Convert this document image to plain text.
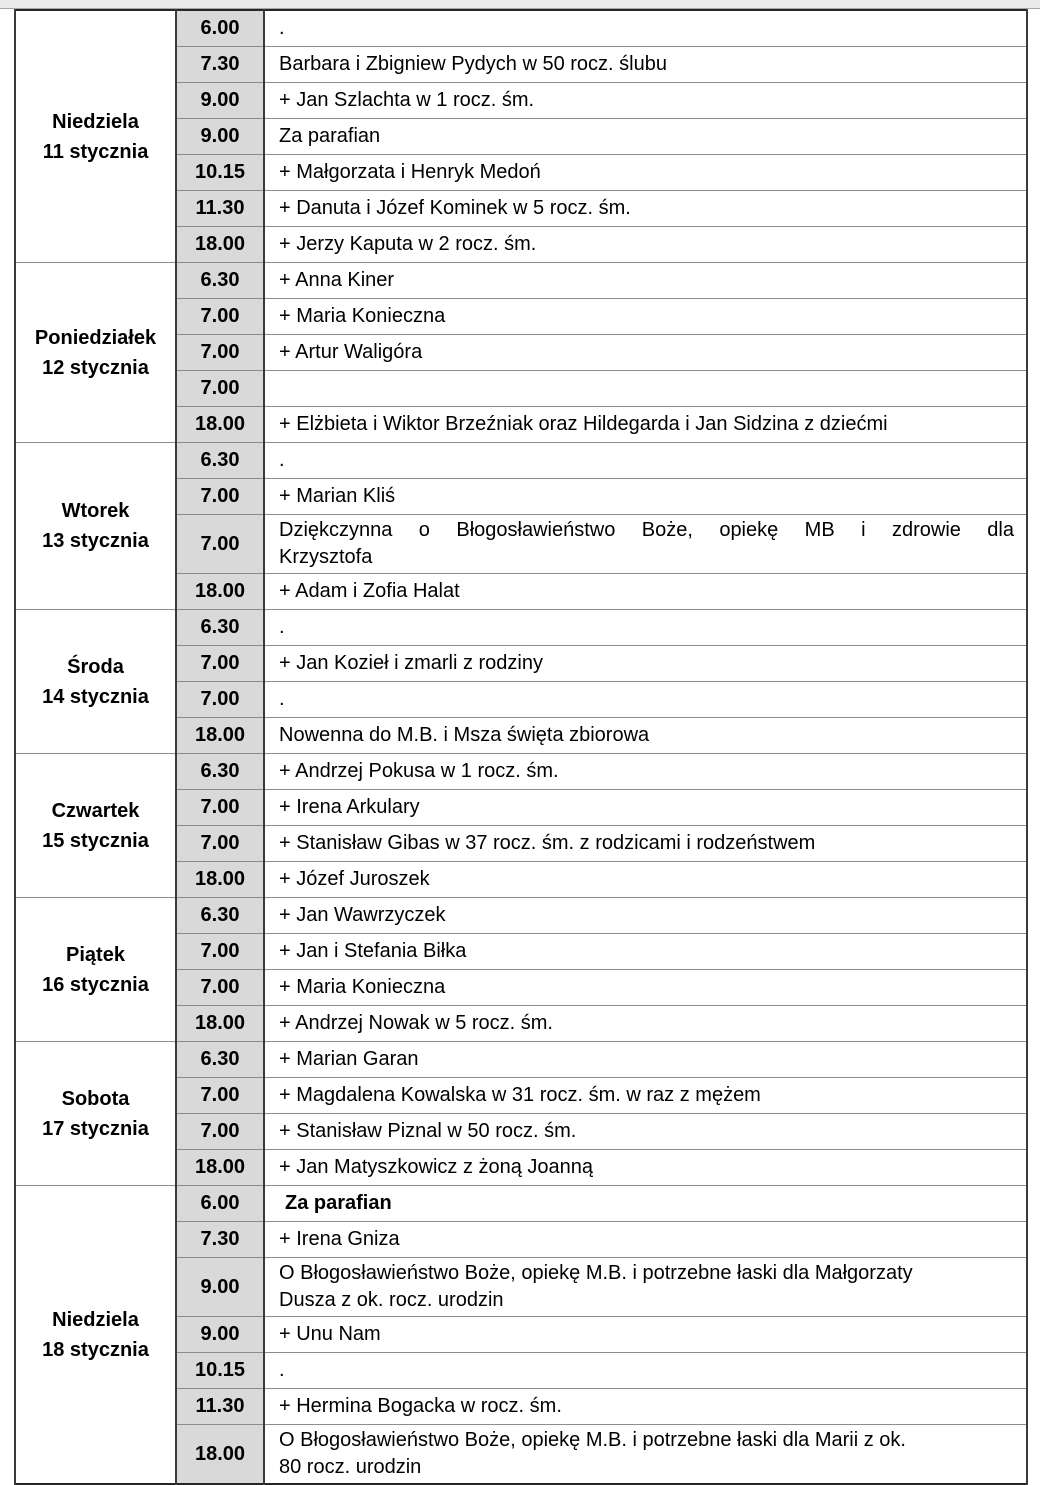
Niedziela
11 stycznia	6.00	.
	7.30	Barbara i Zbigniew Pydych w 50 rocz. ślubu
	9.00	+ Jan Szlachta w 1 rocz. śm.
	9.00	Za parafian
	10.15	+ Małgorzata i Henryk Medoń
	11.30	+ Danuta i Józef Kominek w 5 rocz. śm.
	18.00	+ Jerzy Kaputa w 2 rocz. śm.

Poniedziałek
12 stycznia	6.30	+ Anna Kiner
	7.00	+ Maria Konieczna
	7.00	+ Artur Waligóra
	7.00	
	18.00	+ Elżbieta i Wiktor Brzeźniak oraz Hildegarda i Jan Sidzina z dziećmi

Wtorek
13 stycznia	6.30	.
	7.00	+ Marian Kliś
	7.00	Dziękczynna o Błogosławieństwo Boże, opiekę MB i zdrowie dla
Krzysztofa

	18.00	+ Adam i Zofia Halat

Środa
14 stycznia	6.30	.
	7.00	+ Jan Kozieł i zmarli z rodziny
	7.00	.
	18.00	Nowenna do M.B. i Msza święta zbiorowa

Czwartek
15 stycznia	6.30	+ Andrzej Pokusa w 1 rocz. śm.
	7.00	+ Irena Arkulary
	7.00	+ Stanisław Gibas w 37 rocz. śm. z rodzicami i rodzeństwem
	18.00	+ Józef Juroszek

Piątek
16 stycznia	6.30	+ Jan Wawrzyczek
	7.00	+ Jan i Stefania Biłka
	7.00	+ Maria Konieczna
	18.00	+ Andrzej Nowak w 5 rocz. śm.

Sobota
17 stycznia	6.30	+ Marian Garan
	7.00	+ Magdalena Kowalska w 31 rocz. śm. w raz z mężem
	7.00	+ Stanisław Piznal w 50 rocz. śm.
	18.00	+ Jan Matyszkowicz z żoną Joanną

Niedziela
18 stycznia	6.00	Za parafian
	7.30	+ Irena Gniza
	9.00	O Błogosławieństwo Boże, opiekę M.B. i potrzebne łaski dla Małgorzaty
Dusza z ok. rocz. urodzin

	9.00	+ Unu Nam
	10.15	.
	11.30	+ Hermina Bogacka w rocz. śm.
	18.00	O Błogosławieństwo Boże, opiekę M.B. i potrzebne łaski dla Marii z ok.
80 rocz. urodzin
